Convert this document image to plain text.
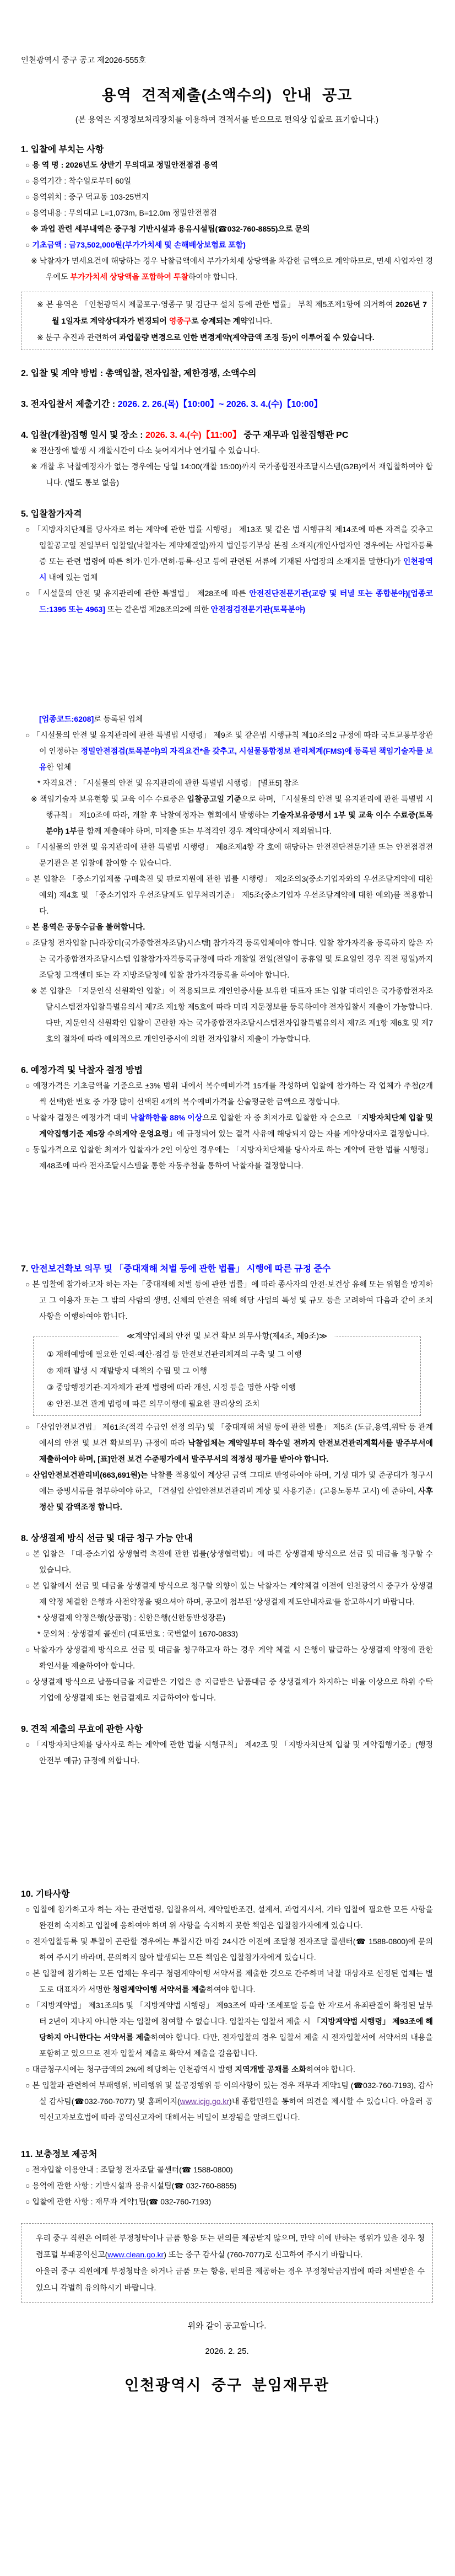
인천광역시 중구 공고 제2026-555호
용역 견적제출(소액수의) 안내 공고
(본 용역은 지정정보처리장치를 이용하여 견적서를 받으므로 편의상 입찰로 표기합니다.)
1. 입찰에 부치는 사항

○ 용 역 명 : 2026년도 상반기 무의대교 정밀안전점검 용역

○ 용역기간 : 착수일로부터 60일

○ 용역위치 : 중구 덕교동 103-25번지

○ 용역내용 : 무의대교 L=1,073m, B=12.0m 정밀안전점검

※ 과업 관련 세부내역은 중구청 기반시설과 용유시설팀(☎032-760-8855)으로 문의

○ 기초금액 : 금73,502,000원(부가가치세 및 손해배상보험료 포함)

※ 낙찰자가 면세요건에 해당하는 경우 낙찰금액에서 부가가치세 상당액을 차감한 금액으로 계약하므로, 면세 사업자인 경우에도 부가가치세 상당액을 포함하여 투찰하여야 합니다.

※ 본 용역은 「인천광역시 제물포구·영종구 및 검단구 설치 등에 관한 법률」 부칙 제5조제1항에 의거하여 2026년 7월 1일자로 계약상대자가 변경되어 영종구로 승계되는 계약입니다.

※ 분구 추진과 관련하여 과업물량 변경으로 인한 변경계약(계약금액 조정 등)이 이루어질 수 있습니다.

2. 입찰 및 계약 방법 : 총액입찰, 전자입찰, 제한경쟁, 소액수의
3. 전자입찰서 제출기간 : 2026. 2. 26.(목)【10:00】~ 2026. 3. 4.(수)【10:00】
4. 입찰(개찰)집행 일시 및 장소 : 2026. 3. 4.(수)【11:00】 중구 재무과 입찰집행관 PC

※ 전산장애 발생 시 개찰시간이 다소 늦어지거나 연기될 수 있습니다.

※ 개찰 후 낙찰예정자가 없는 경우에는 당일 14:00(개찰 15:00)까지 국가종합전자조달시스템(G2B)에서 재입찰하여야 합니다. (별도 통보 없음)

5. 입찰참가자격

○ 「지방자치단체를 당사자로 하는 계약에 관한 법률 시행령」 제13조 및 같은 법 시행규칙 제14조에 따른 자격을 갖추고 입찰공고일 전일부터 입찰일(낙찰자는 계약체결일)까지 법인등기부상 본점 소재지(개인사업자인 경우에는 사업자등록증 또는 관련 법령에 따른 허가·인가·면허·등록·신고 등에 관련된 서류에 기재된 사업장의 소재지를 말한다)가 인천광역시 내에 있는 업체

○ 「시설물의 안전 및 유지관리에 관한 특별법」 제28조에 따른 안전진단전문기관(교량 및 터널 또는 종합분야)[업종코드:1395 또는 4963] 또는 같은법 제28조의2에 의한 안전점검전문기관(토목분야)

[업종코드:6208]로 등록된 업체

○ 「시설물의 안전 및 유지관리에 관한 특별법 시행령」 제9조 및 같은법 시행규칙 제10조의2 규정에 따라 국토교통부장관이 인정하는 정밀안전점검(토목분야)의 자격요건*을 갖추고, 시설물통합정보 관리체계(FMS)에 등록된 책임기술자를 보유한 업체

* 자격요건 : 「시설물의 안전 및 유지관리에 관한 특별법 시행령」 [별표5] 참조

※ 책임기술자 보유현황 및 교육 이수 수료증은 입찰공고일 기준으로 하며, 「시설물의 안전 및 유지관리에 관한 특별법 시행규칙」 제10조에 따라, 개찰 후 낙찰예정자는 협회에서 발행하는 기술자보유증명서 1부 및 교육 이수 수료증(토목분야) 1부를 함께 제출해야 하며, 미제출 또는 부적격인 경우 계약대상에서 제외됩니다.

○ 「시설물의 안전 및 유지관리에 관한 특별법 시행령」 제8조제4항 각 호에 해당하는 안전진단전문기관 또는 안전점검전문기관은 본 입찰에 참여할 수 없습니다.

○ 본 입찰은 「중소기업제품 구매촉진 및 판로지원에 관한 법률 시행령」 제2조의3(중소기업자와의 우선조달계약에 대한 예외) 제4호 및 「중소기업자 우선조달제도 업무처리기준」 제5조(중소기업자 우선조달계약에 대한 예외)를 적용합니다.

○ 본 용역은 공동수급을 불허합니다.

○ 조달청 전자입찰 [나라장터(국가종합전자조달)시스템] 참가자격 등록업체여야 합니다. 입찰 참가자격을 등록하지 않은 자는 국가종합전자조달시스템 입찰참가자격등록규정에 따라 개찰일 전일(전일이 공휴일 및 토요일인 경우 직전 평일)까지 조달청 고객센터 또는 각 지방조달청에 입찰 참가자격등록을 하여야 합니다.

※ 본 입찰은 「지문인식 신원확인 입찰」이 적용되므로 개인인증서를 보유한 대표자 또는 입찰 대리인은 국가종합전자조달시스템전자입찰특별유의서 제7조 제1항 제5호에 따라 미리 지문정보를 등록하여야 전자입찰서 제출이 가능합니다.

다만, 지문인식 신원확인 입찰이 곤란한 자는 국가종합전자조달시스템전자입찰특별유의서 제7조 제1항 제6호 및 제7호의 절차에 따라 예외적으로 개인인증서에 의한 전자입찰서 제출이 가능합니다.

6. 예정가격 및 낙찰자 결정 방법

○ 예정가격은 기초금액을 기준으로 ±3% 범위 내에서 복수예비가격 15개를 작성하며 입찰에 참가하는 각 업체가 추첨(2개씩 선택)한 번호 중 가장 많이 선택된 4개의 복수예비가격을 산술평균한 금액으로 정합니다.

○ 낙찰자 결정은 예정가격 대비 낙찰하한율 88% 이상으로 입찰한 자 중 최저가로 입찰한 자 순으로 「지방자치단체 입찰 및 계약집행기준 제5장 수의계약 운영요령」에 규정되어 있는 결격 사유에 해당되지 않는 자를 계약상대자로 결정합니다.

○ 동일가격으로 입찰한 최저가 입찰자가 2인 이상인 경우에는 「지방자치단체를 당사자로 하는 계약에 관한 법률 시행령」 제48조에 따라 전자조달시스템을 통한 자동추첨을 통하여 낙찰자를 결정합니다.

7. 안전보건확보 의무 및 「중대재해 처벌 등에 관한 법률」 시행에 따른 규정 준수

○ 본 입찰에 참가하고자 하는 자는「중대재해 처벌 등에 관한 법률」에 따라 종사자의 안전·보건상 유해 또는 위험을 방지하고 그 이용자 또는 그 밖의 사람의 생명, 신체의 안전을 위해 해당 사업의 특성 및 규모 등을 고려하여 다음과 같이 조치사항을 이행하여야 합니다.

≪계약업체의 안전 및 보건 확보 의무사항(제4조, 제9조)≫

① 재해예방에 필요한 인력·예산·점검 등 안전보건관리체계의 구축 및 그 이행

② 재해 발생 시 재발방지 대책의 수립 및 그 이행

③ 중앙행정기관·지자체가 관계 법령에 따라 개선, 시정 등을 명한 사항 이행

④ 안전·보건 관계 법령에 따른 의무이행에 필요한 관리상의 조치

○ 「산업안전보건법」 제61조(적격 수급인 선정 의무) 및 「중대재해 처벌 등에 관한 법률」 제5조 (도급,용역,위탁 등 관계에서의 안전 및 보건 확보의무) 규정에 따라 낙찰업체는 계약일부터 착수일 전까지 안전보건관리계획서를 발주부서에 제출하여야 하며, [표]안전 보건 수준평가에서 발주부서의 적정성 평가를 받아야 합니다.

○ 산업안전보건관리비(663,691원)는 낙찰률 적용없이 계상된 금액 그대로 반영하여야 하며, 기성 대가 및 준공대가 청구시에는 증빙서류를 첨부하여야 하고, 「건설업 산업안전보건관리비 계상 및 사용기준」(고용노동부 고시) 에 준하여, 사후 정산 및 감액조정 합니다.

8. 상생결제 방식 선금 및 대금 청구 가능 안내

○ 본 입찰은 「대·중소기업 상생협력 촉진에 관한 법률(상생협력법)」에 따른 상생결제 방식으로 선금 및 대금을 청구할 수 있습니다.

○ 본 입찰에서 선금 및 대금을 상생결제 방식으로 청구할 의향이 있는 낙찰자는 계약체결 이전에 인천광역시 중구가 상생결제 약정 체결한 은행과 사전약정을 맺으셔야 하며, 공고에 첨부된 '상생결제 제도안내자료'를 참고하시기 바랍니다.

* 상생결제 약정은행(상품명) : 신한은행(신한동반성장론)

* 문의처 : 상생결제 콜센터 (대표번호 : 국번없이 1670-0833)

○ 낙찰자가 상생결제 방식으로 선금 및 대금을 청구하고자 하는 경우 계약 체결 시 은행이 발급하는 상생결제 약정에 관한 확인서를 제출하여야 합니다.

○ 상생결제 방식으로 납품대금을 지급받은 기업은 총 지급받은 납품대금 중 상생결제가 차지하는 비율 이상으로 하위 수탁기업에 상생결제 또는 현금결제로 지급하여야 합니다.

9. 견적 제출의 무효에 관한 사항

○ 「지방자치단체를 당사자로 하는 계약에 관한 법률 시행규칙」 제42조 및 「지방자치단체 입찰 및 계약집행기준」(행정안전부 예규) 규정에 의합니다.

10. 기타사항

○ 입찰에 참가하고자 하는 자는 관련법령, 입찰유의서, 계약일반조건, 설계서, 과업지시서, 기타 입찰에 필요한 모든 사항을 완전히 숙지하고 입찰에 응하여야 하며 위 사항을 숙지하지 못한 책임은 입찰참가자에게 있습니다.

○ 전자입찰등록 및 투찰이 곤란할 경우에는 투찰시간 마감 24시간 이전에 조달청 전자조달 콜센터(☎ 1588-0800)에 문의하여 주시기 바라며, 문의하지 않아 발생되는 모든 책임은 입찰참가자에게 있습니다.

○ 본 입찰에 참가하는 모든 업체는 우리구 청렴계약이행 서약서를 제출한 것으로 간주하며 낙찰 대상자로 선정된 업체는 별도로 대표자가 서명한 청렴계약이행 서약서를 제출하여야 합니다.

○ 「지방계약법」 제31조의5 및 「지방계약법 시행령」 제93조에 따라 '조세포탈 등을 한 자'로서 유죄판결이 확정된 날부터 2년이 지나지 아니한 자는 입찰에 참여할 수 없습니다. 입찰자는 입찰서 제출 시 「지방계약법 시행령」 제93조에 해당하지 아니한다는 서약서를 제출하여야 합니다. 다만, 전자입찰의 경우 입찰서 제출 시 전자입찰서에 서약서의 내용을 포함하고 있으므로 전자 입찰서 제출로 확약서 제출을 갈음합니다.

○ 대금청구시에는 청구금액의 2%에 해당하는 인천광역시 발행 지역개발 공채를 소화하여야 합니다.

○ 본 입찰과 관련하여 부패행위, 비리행위 및 불공정행위 등 이의사항이 있는 경우 재무과 계약1팀 (☎032-760-7193), 감사실 감사팀(☎032-760-7077) 및 홈페이지(www.icjg.go.kr)내 종합민원을 통하여 의견을 제시할 수 있습니다. 아울러 공익신고자보호법에 따라 공익신고자에 대해서는 비밀이 보장됨을 알려드립니다.

11. 보충정보 제공처

○ 전자입찰 이용안내 : 조달청 전자조달 콜센터(☎ 1588-0800)

○ 용역에 관한 사항 : 기반시설과 용유시설팀(☎ 032-760-8855)

○ 입찰에 관한 사항 : 재무과 계약1팀(☎ 032-760-7193)

우리 중구 직원은 어떠한 부정청탁이나 금품 향응 또는 편의를 제공받지 않으며, 만약 이에 반하는 행위가 있을 경우 청렴포털 부패공익신고(www.clean.go.kr) 또는 중구 감사실 (760-7077)로 신고하여 주시기 바랍니다.

아울러 중구 직원에게 부정청탁을 하거나 금품 또는 향응, 편의를 제공하는 경우 부정청탁금지법에 따라 처벌받을 수 있으니 각별히 유의하시기 바랍니다.

위와 같이 공고합니다.
2026. 2. 25.
인천광역시 중구 분임재무관
